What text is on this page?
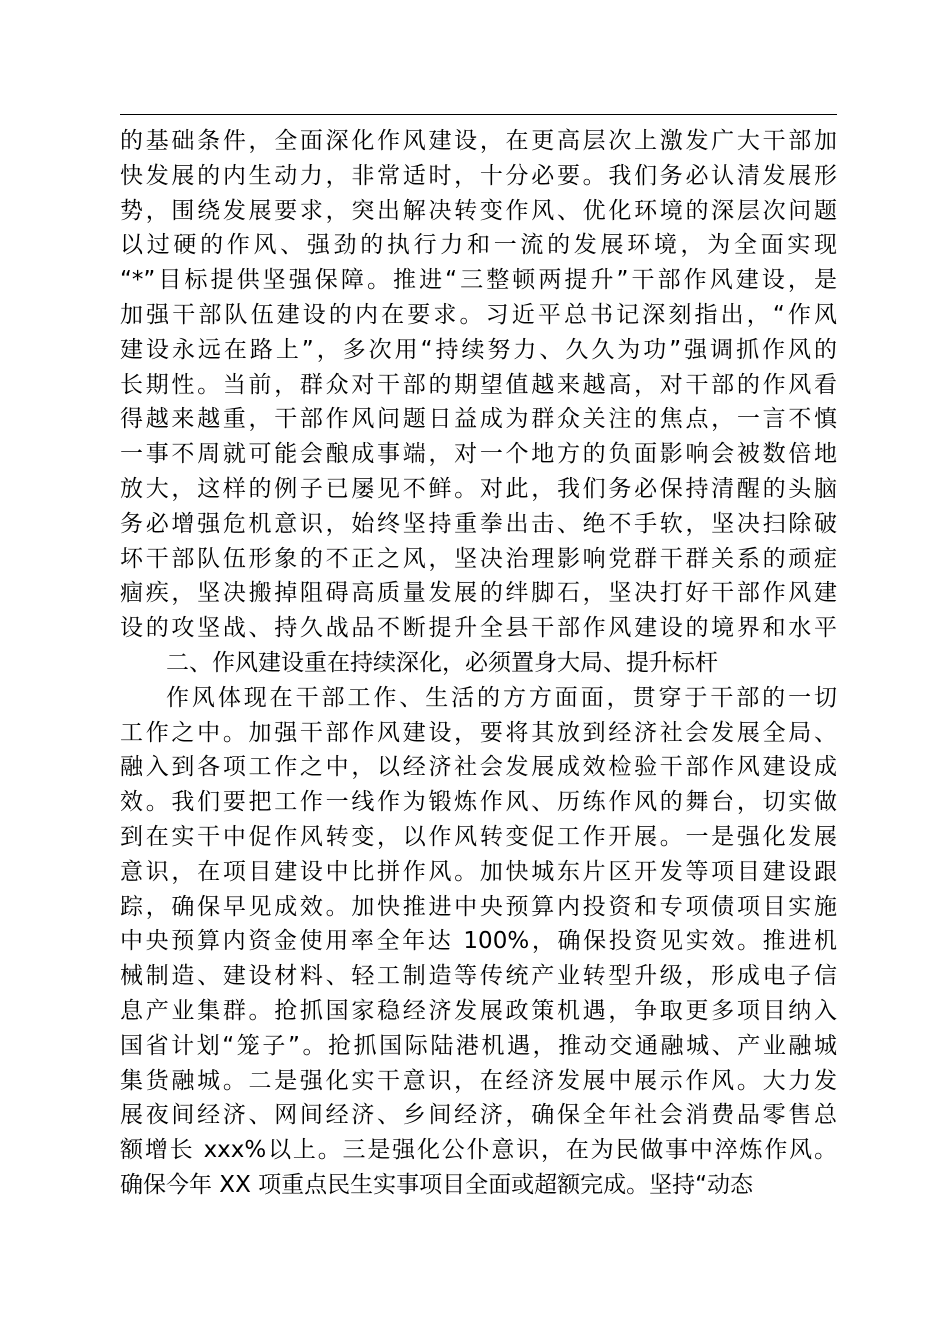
的基础条件，全面深化作风建设，在更高层次上激发广大干部加
快发展的内生动力，非常适时，十分必要。我们务必认清发展形
势，围绕发展要求，突出解决转变作风、优化环境的深层次问题
以过硬的作风、强劲的执行力和一流的发展环境，为全面实现
“*”目标提供坚强保障。推进“三整顿两提升”干部作风建设，是
加强干部队伍建设的内在要求。习近平总书记深刻指出，“作风
建设永远在路上”，多次用“持续努力、久久为功”强调抓作风的
长期性。当前，群众对干部的期望值越来越高，对干部的作风看
得越来越重，干部作风问题日益成为群众关注的焦点，一言不慎
一事不周就可能会酿成事端，对一个地方的负面影响会被数倍地
放大，这样的例子已屡见不鲜。对此，我们务必保持清醒的头脑
务必增强危机意识，始终坚持重拳出击、绝不手软，坚决扫除破
坏干部队伍形象的不正之风，坚决治理影响党群干群关系的顽症
痼疾，坚决搬掉阻碍高质量发展的绊脚石，坚决打好干部作风建
设的攻坚战、持久战品不断提升全县干部作风建设的境界和水平
二、作风建设重在持续深化，必须置身大局、提升标杆
作风体现在干部工作、生活的方方面面，贯穿于干部的一切
工作之中。加强干部作风建设，要将其放到经济社会发展全局、
融入到各项工作之中，以经济社会发展成效检验干部作风建设成
效。我们要把工作一线作为锻炼作风、历练作风的舞台，切实做
到在实干中促作风转变，以作风转变促工作开展。一是强化发展
意识，在项目建设中比拼作风。加快城东片区开发等项目建设跟
踪，确保早见成效。加快推进中央预算内投资和专项债项目实施
中央预算内资金使用率全年达 100%，确保投资见实效。推进机
械制造、建设材料、轻工制造等传统产业转型升级，形成电子信
息产业集群。抢抓国家稳经济发展政策机遇，争取更多项目纳入
国省计划“笼子”。抢抓国际陆港机遇，推动交通融城、产业融城
集货融城。二是强化实干意识，在经济发展中展示作风。大力发
展夜间经济、网间经济、乡间经济，确保全年社会消费品零售总
额增长 xxx%以上。三是强化公仆意识，在为民做事中淬炼作风。
确保今年 XX 项重点民生实事项目全面或超额完成。坚持“动态
